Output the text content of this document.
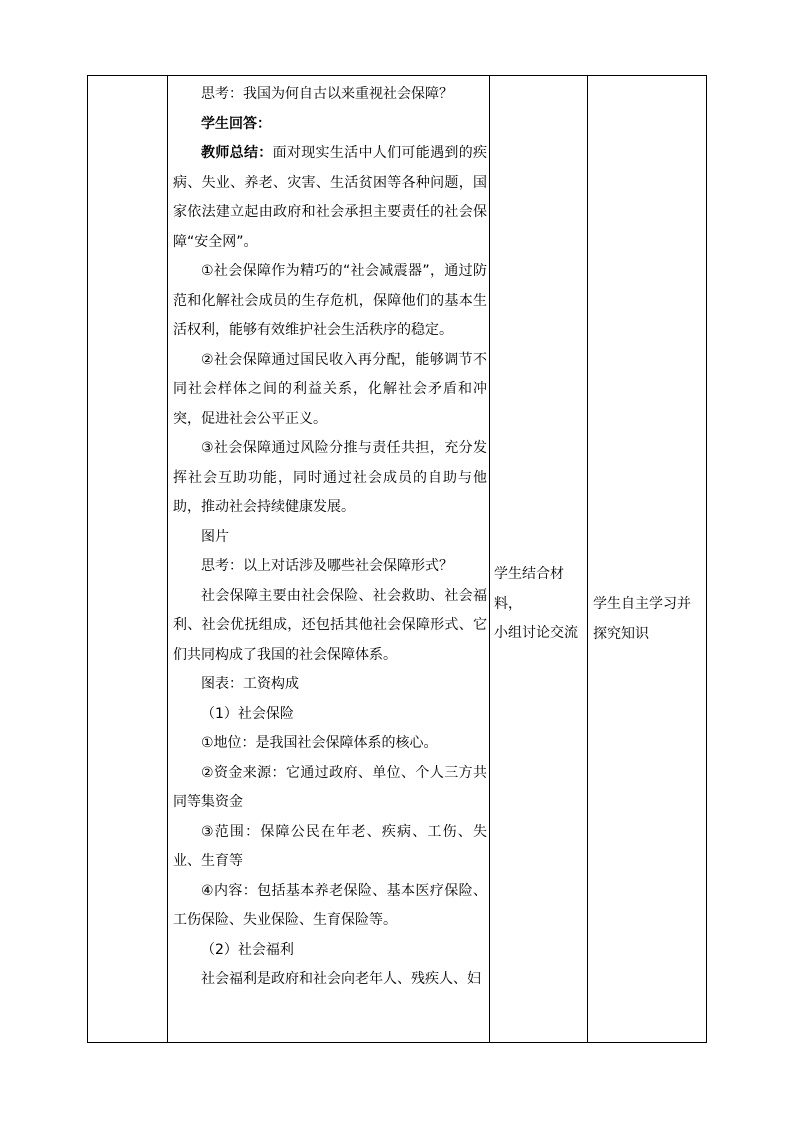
思考：我国为何自古以来重视社会保障？

学生回答：

教师总结：面对现实生活中人们可能遇到的疾病、失业、养老、灾害、生活贫困等各种问题，国家依法建立起由政府和社会承担主要责任的社会保障“安全网”。

①社会保障作为精巧的“社会减震器”，通过防范和化解社会成员的生存危机，保障他们的基本生活权利，能够有效维护社会生活秩序的稳定。

②社会保障通过国民收入再分配，能够调节不同社会样体之间的利益关系，化解社会矛盾和冲突，促进社会公平正义。

③社会保障通过风险分推与责任共担，充分发挥社会互助功能，同时通过社会成员的自助与他助，推动社会持续健康发展。

图片

思考：以上对话涉及哪些社会保障形式？

社会保障主要由社会保险、社会救助、社会福利、社会优抚组成，还包括其他社会保障形式、它们共同构成了我国的社会保障体系。

图表：工资构成

（1）社会保险

①地位：是我国社会保障体系的核心。

②资金来源：它通过政府、单位、个人三方共同等集资金

③范围：保障公民在年老、疾病、工伤、失业、生育等

④内容：包括基本养老保险、基本医疗保险、工伤保险、失业保险、生育保险等。

（2）社会福利

社会福利是政府和社会向老年人、残疾人、妇

学生结合材料，

小组讨论交流

学生自主学习并

探究知识
